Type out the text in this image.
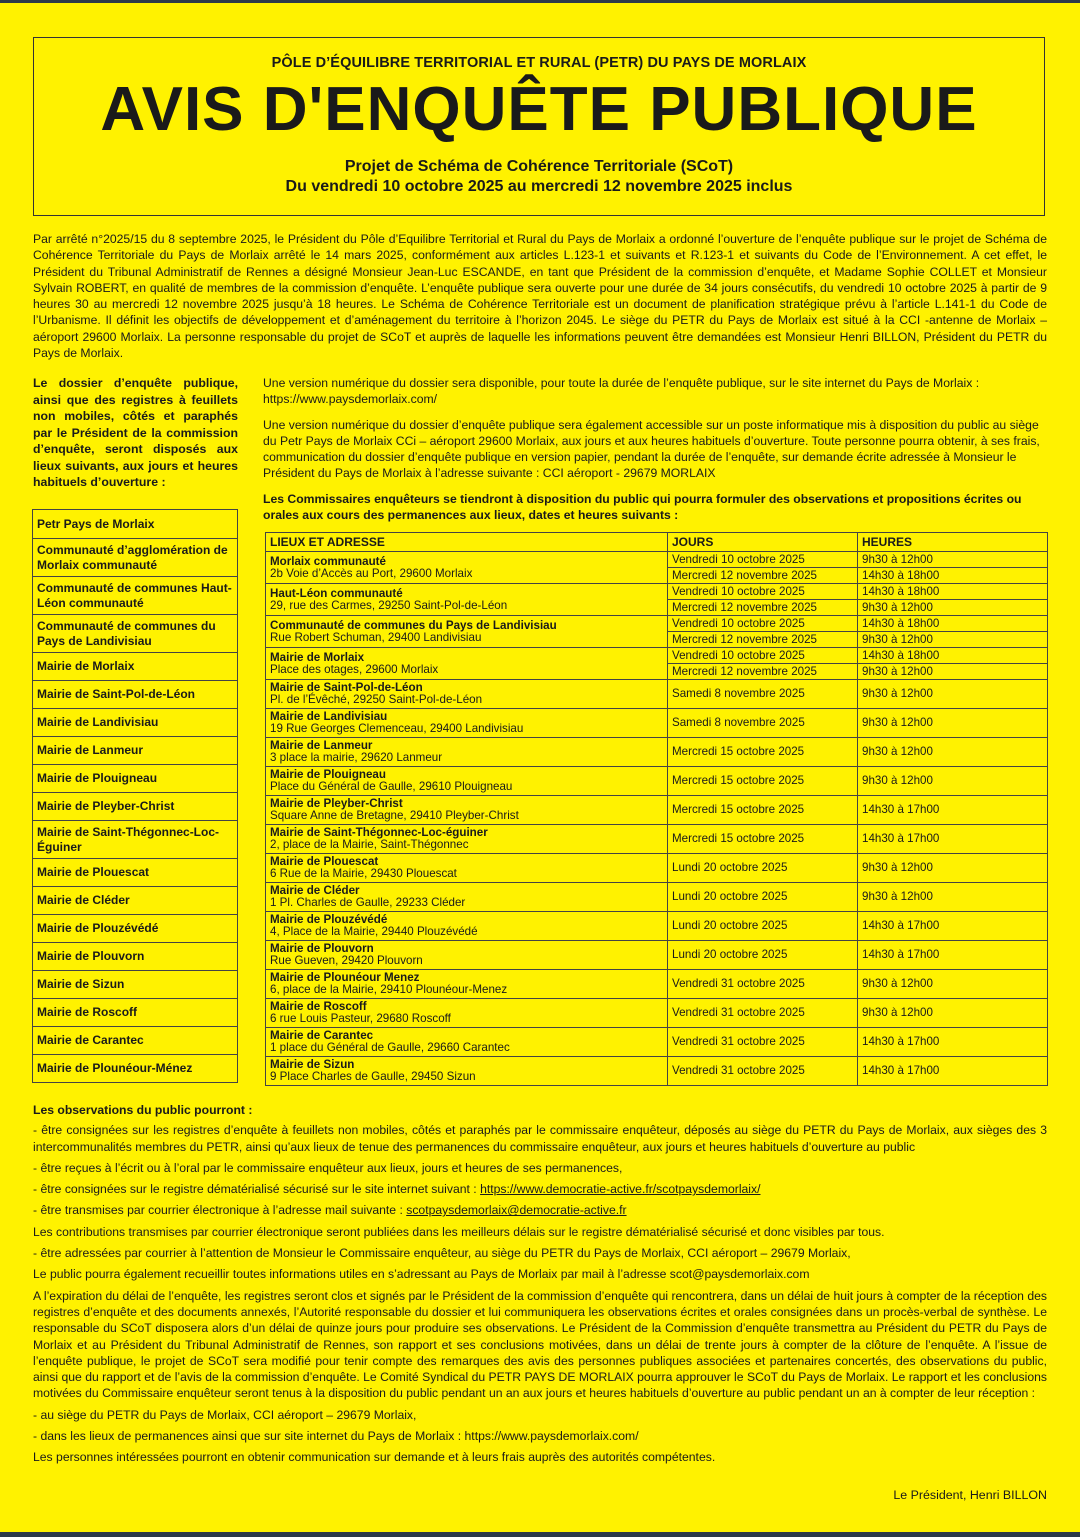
PÔLE D’ÉQUILIBRE TERRITORIAL ET RURAL (PETR) DU PAYS DE MORLAIX
AVIS D'ENQUÊTE PUBLIQUE
Projet de Schéma de Cohérence Territoriale (SCoT)
Du vendredi 10 octobre 2025 au mercredi 12 novembre 2025 inclus
Par arrêté n°2025/15 du 8 septembre 2025, le Président du Pôle d’Equilibre Territorial et Rural du Pays de Morlaix a ordonné l’ouverture de l’enquête publique sur le projet de Schéma de Cohérence Territoriale du Pays de Morlaix arrêté le 14 mars 2025, conformément aux articles L.123-1 et suivants et R.123-1 et suivants du Code de l’Environnement. A cet effet, le Président du Tribunal Administratif de Rennes a désigné Monsieur Jean-Luc ESCANDE, en tant que Président de la commission d’enquête, et Madame Sophie COLLET et Monsieur Sylvain ROBERT, en qualité de membres de la commission d’enquête. L’enquête publique sera ouverte pour une durée de 34 jours consécutifs, du vendredi 10 octobre 2025 à partir de 9 heures 30 au mercredi 12 novembre 2025 jusqu’à 18 heures. Le Schéma de Cohérence Territoriale est un document de planification stratégique prévu à l’article L.141-1 du Code de l’Urbanisme. Il définit les objectifs de développement et d’aménagement du territoire à l’horizon 2045. Le siège du PETR du Pays de Morlaix est situé à la CCI -antenne de Morlaix – aéroport 29600 Morlaix. La personne responsable du projet de SCoT et auprès de laquelle les informations peuvent être demandées est Monsieur Henri BILLON, Président du PETR du Pays de Morlaix.
Le dossier d’enquête publique, ainsi que des registres à feuillets non mobiles, côtés et paraphés par le Président de la commission d’enquête, seront disposés aux lieux suivants, aux jours et heures habituels d’ouverture :
Petr Pays de Morlaix
Communauté d’agglomération de Morlaix communauté
Communauté de communes Haut-Léon communauté
Communauté de communes du Pays de Landivisiau
Mairie de Morlaix
Mairie de Saint-Pol-de-Léon
Mairie de Landivisiau
Mairie de Lanmeur
Mairie de Plouigneau
Mairie de Pleyber-Christ
Mairie de Saint-Thégonnec-Loc-Éguiner
Mairie de Plouescat
Mairie de Cléder
Mairie de Plouzévédé
Mairie de Plouvorn
Mairie de Sizun
Mairie de Roscoff
Mairie de Carantec
Mairie de Plounéour-Ménez

Une version numérique du dossier sera disponible, pour toute la durée de l’enquête publique, sur le site internet du Pays de Morlaix : https://www.paysdemorlaix.com/

Une version numérique du dossier d’enquête publique sera également accessible sur un poste informatique mis à disposition du public au siège du Petr Pays de Morlaix CCi – aéroport 29600 Morlaix, aux jours et aux heures habituels d’ouverture. Toute personne pourra obtenir, à ses frais, communication du dossier d’enquête publique en version papier, pendant la durée de l’enquête, sur demande écrite adressée à Monsieur le Président du Pays de Morlaix à l’adresse suivante : CCI aéroport - 29679 MORLAIX

Les Commissaires enquêteurs se tiendront à disposition du public qui pourra formuler des observations et propositions écrites ou orales aux cours des permanences aux lieux, dates et heures suivants :
LIEUX ET ADRESSE	JOURS	HEURES

Morlaix communauté
2b Voie d’Accès au Port, 29600 Morlaix	Vendredi 10 octobre 2025	9h30 à 12h00
	Mercredi 12 novembre 2025	14h30 à 18h00

Haut-Léon communauté
29, rue des Carmes, 29250 Saint-Pol-de-Léon	Vendredi 10 octobre 2025	14h30 à 18h00
	Mercredi 12 novembre 2025	9h30 à 12h00

Communauté de communes du Pays de Landivisiau
Rue Robert Schuman, 29400 Landivisiau	Vendredi 10 octobre 2025	14h30 à 18h00
	Mercredi 12 novembre 2025	9h30 à 12h00

Mairie de Morlaix
Place des otages, 29600 Morlaix	Vendredi 10 octobre 2025	14h30 à 18h00
	Mercredi 12 novembre 2025	9h30 à 12h00

Mairie de Saint-Pol-de-Léon
Pl. de l’Évêché, 29250 Saint-Pol-de-Léon	Samedi 8 novembre 2025	9h30 à 12h00

Mairie de Landivisiau
19 Rue Georges Clemenceau, 29400 Landivisiau	Samedi 8 novembre 2025	9h30 à 12h00

Mairie de Lanmeur
3 place la mairie, 29620 Lanmeur	Mercredi 15 octobre 2025	9h30 à 12h00

Mairie de Plouigneau
Place du Général de Gaulle, 29610 Plouigneau	Mercredi 15 octobre 2025	9h30 à 12h00

Mairie de Pleyber-Christ
Square Anne de Bretagne, 29410 Pleyber-Christ	Mercredi 15 octobre 2025	14h30 à 17h00

Mairie de Saint-Thégonnec-Loc-éguiner
2, place de la Mairie, Saint-Thégonnec	Mercredi 15 octobre 2025	14h30 à 17h00

Mairie de Plouescat
6 Rue de la Mairie, 29430 Plouescat	Lundi 20 octobre 2025	9h30 à 12h00

Mairie de Cléder
1 Pl. Charles de Gaulle, 29233 Cléder	Lundi 20 octobre 2025	9h30 à 12h00

Mairie de Plouzévédé
4, Place de la Mairie, 29440 Plouzévédé	Lundi 20 octobre 2025	14h30 à 17h00

Mairie de Plouvorn
Rue Gueven, 29420 Plouvorn	Lundi 20 octobre 2025	14h30 à 17h00

Mairie de Plounéour Menez
6, place de la Mairie, 29410 Plounéour-Menez	Vendredi 31 octobre 2025	9h30 à 12h00

Mairie de Roscoff
6 rue Louis Pasteur, 29680 Roscoff	Vendredi 31 octobre 2025	9h30 à 12h00

Mairie de Carantec
1 place du Général de Gaulle, 29660 Carantec	Vendredi 31 octobre 2025	14h30 à 17h00

Mairie de Sizun
9 Place Charles de Gaulle, 29450 Sizun	Vendredi 31 octobre 2025	14h30 à 17h00
Les observations du public pourront :
- être consignées sur les registres d’enquête à feuillets non mobiles, côtés et paraphés par le commissaire enquêteur, déposés au siège du PETR du Pays de Morlaix, aux sièges des 3 intercommunalités membres du PETR, ainsi qu’aux lieux de tenue des permanences du commissaire enquêteur, aux jours et heures habituels d’ouverture au public
- être reçues à l’écrit ou à l’oral par le commissaire enquêteur aux lieux, jours et heures de ses permanences,
- être consignées sur le registre dématérialisé sécurisé sur le site internet suivant : https://www.democratie-active.fr/scotpaysdemorlaix/
- être transmises par courrier électronique à l’adresse mail suivante : scotpaysdemorlaix@democratie-active.fr
Les contributions transmises par courrier électronique seront publiées dans les meilleurs délais sur le registre dématérialisé sécurisé et donc visibles par tous.
- être adressées par courrier à l’attention de Monsieur le Commissaire enquêteur, au siège du PETR du Pays de Morlaix, CCI aéroport – 29679 Morlaix,
Le public pourra également recueillir toutes informations utiles en s’adressant au Pays de Morlaix par mail à l’adresse scot@paysdemorlaix.com
A l’expiration du délai de l’enquête, les registres seront clos et signés par le Président de la commission d’enquête qui rencontrera, dans un délai de huit jours à compter de la réception des registres d’enquête et des documents annexés, l’Autorité responsable du dossier et lui communiquera les observations écrites et orales consignées dans un procès-verbal de synthèse. Le responsable du SCoT disposera alors d’un délai de quinze jours pour produire ses observations. Le Président de la Commission d’enquête transmettra au Président du PETR du Pays de Morlaix et au Président du Tribunal Administratif de Rennes, son rapport et ses conclusions motivées, dans un délai de trente jours à compter de la clôture de l’enquête. A l’issue de l’enquête publique, le projet de SCoT sera modifié pour tenir compte des remarques des avis des personnes publiques associées et partenaires concertés, des observations du public, ainsi que du rapport et de l’avis de la commission d’enquête. Le Comité Syndical du PETR PAYS DE MORLAIX pourra approuver le SCoT du Pays de Morlaix. Le rapport et les conclusions motivées du Commissaire enquêteur seront tenus à la disposition du public pendant un an aux jours et heures habituels d’ouverture au public pendant un an à compter de leur réception :
- au siège du PETR du Pays de Morlaix, CCI aéroport – 29679 Morlaix,
- dans les lieux de permanences ainsi que sur site internet du Pays de Morlaix : https://www.paysdemorlaix.com/
Les personnes intéressées pourront en obtenir communication sur demande et à leurs frais auprès des autorités compétentes.
Le Président, Henri BILLON
